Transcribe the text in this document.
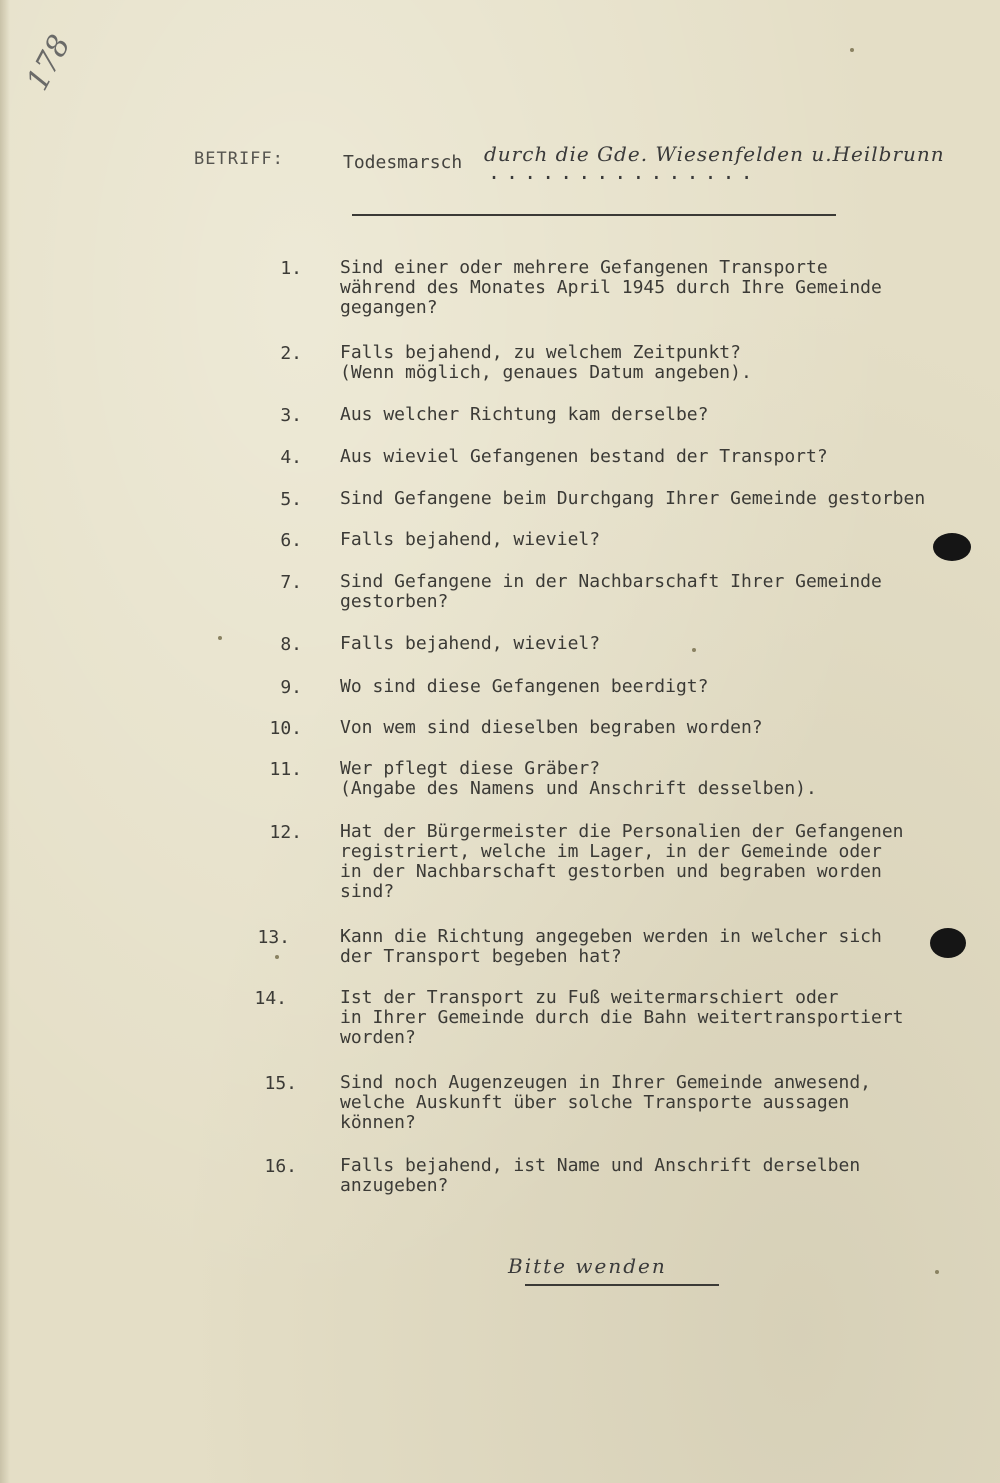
178
BETRIFF:	Todesmarsch durch die Gde. Wiesenfelden u.Heilbrunn
...............
1. Sind einer oder mehrere Gefangenen Transporte
während des Monates April 1945 durch Ihre Gemeinde
gegangen?
2. Falls bejahend, zu welchem Zeitpunkt?
(Wenn möglich, genaues Datum angeben).
3. Aus welcher Richtung kam derselbe?
4. Aus wieviel Gefangenen bestand der Transport?
5. Sind Gefangene beim Durchgang Ihrer Gemeinde gestorben
6. Falls bejahend, wieviel?
7. Sind Gefangene in der Nachbarschaft Ihrer Gemeinde
gestorben?
8. Falls bejahend, wieviel?
9. Wo sind diese Gefangenen beerdigt?
10. Von wem sind dieselben begraben worden?
11. Wer pflegt diese Gräber?
(Angabe des Namens und Anschrift desselben).
12. Hat der Bürgermeister die Personalien der Gefangenen
registriert, welche im Lager, in der Gemeinde oder
in der Nachbarschaft gestorben und begraben worden
sind?
13.	Kann die Richtung angegeben werden in welcher sich
der Transport begeben hat?
14.	Ist der Transport zu Fuß weitermarschiert oder
in Ihrer Gemeinde durch die Bahn weitertransportiert
worden?
15. Sind noch Augenzeugen in Ihrer Gemeinde anwesend,
welche Auskunft über solche Transporte aussagen
können?
16. Falls bejahend, ist Name und Anschrift derselben
anzugeben?
Bitte wenden
